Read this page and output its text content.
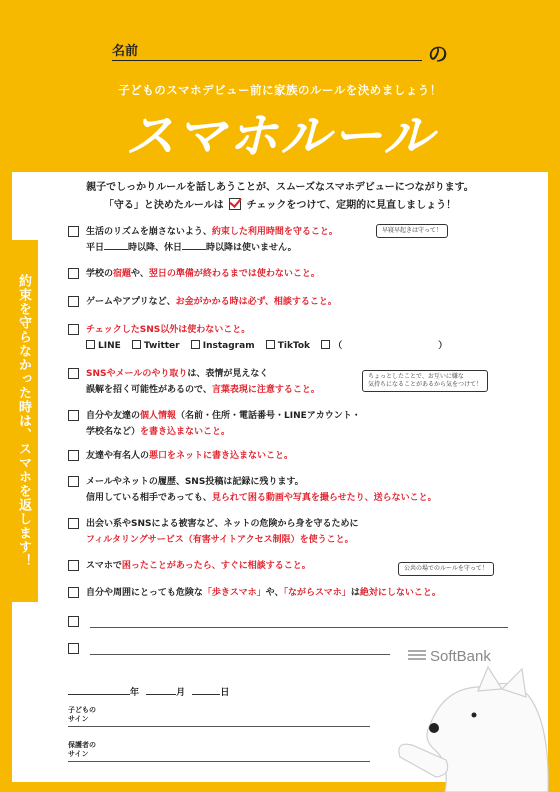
名前	の
子どものスマホデビュー前に家族のルールを決めましょう！
スマホルール
約束を守らなかった時は、スマホを返します！
親子でしっかりルールを話しあうことが、スムーズなスマホデビューにつながります。
「守る」と決めたルールは チェックをつけて、定期的に見直しましょう！
生活のリズムを崩さないよう、約束した利用時間を守ること。
平日	時以降、休日	時以降は使いません。
早寝早起きは守って！
学校の宿題や、翌日の準備が終わるまでは使わないこと。
ゲームやアプリなど、お金がかかる時は必ず、相談すること。
チェックしたSNS以外は使わないこと。
LINE	Twitter	Instagram	TikTok	（	）
SNSやメールのやり取りは、表情が見えなく
誤解を招く可能性があるので、言葉表現に注意すること。
ちょっとしたことで、お互いに嫌な
気持ちになることがあるから気をつけて！
自分や友達の個人情報（名前・住所・電話番号・LINEアカウント・
学校名など）を書き込まないこと。
友達や有名人の悪口をネットに書き込まないこと。
メールやネットの履歴、SNS投稿は記録に残ります。
信用している相手であっても、見られて困る動画や写真を撮らせたり、送らないこと。
出会い系やSNSによる被害など、ネットの危険から身を守るために
フィルタリングサービス（有害サイトアクセス制限）を使うこと。
スマホで困ったことがあったら、すぐに相談すること。	公共の場でのルールを守って！
自分や周囲にとっても危険な「歩きスマホ」や、「ながらスマホ」は絶対にしないこと。
SoftBank
年	月	日
子どもの
サイン
保護者の
サイン
